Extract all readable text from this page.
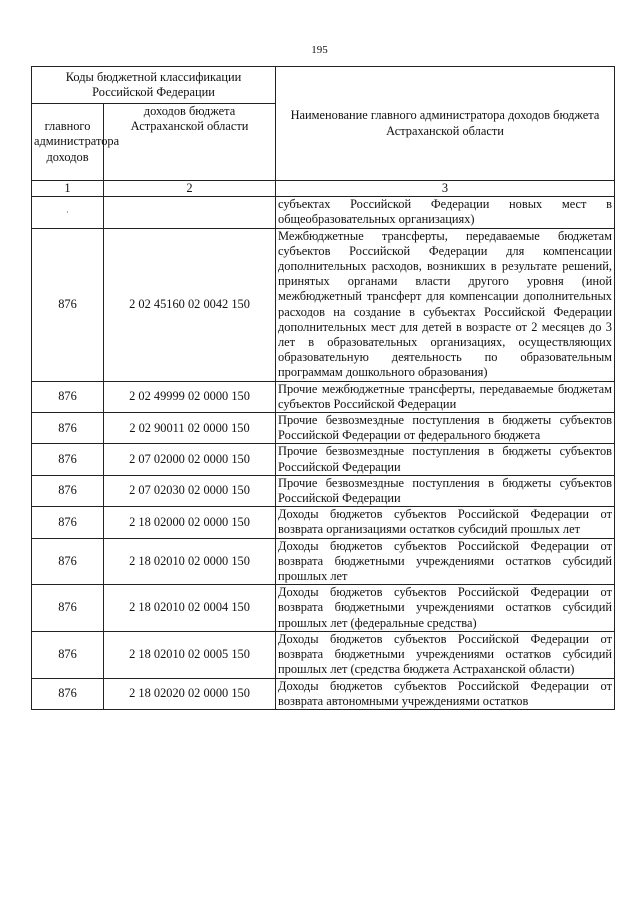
195
Коды бюджетной классификации Российской Федерации		Наименование главного администратора доходов бюджета Астраханской области
главного администратора доходов	доходов бюджета Астраханской области	
1	2	3
·		субъектах Российской Федерации новых мест в общеобразовательных организациях)
876	2 02 45160 02 0042 150	Межбюджетные трансферты, передаваемые бюджетам субъектов Российской Федерации для компенсации дополнительных расходов, возникших в результате решений, принятых органами власти другого уровня (иной межбюджетный трансферт для компенсации дополнительных расходов на создание в субъектах Российской Федерации дополнительных мест для детей в возрасте от 2 месяцев до 3 лет в образовательных организациях, осуществляющих образовательную деятельность по образовательным программам дошкольного образования)
876	2 02 49999 02 0000 150	Прочие межбюджетные трансферты, передаваемые бюджетам субъектов Российской Федерации
876	2 02 90011 02 0000 150	Прочие безвозмездные поступления в бюджеты субъектов Российской Федерации от федерального бюджета
876	2 07 02000 02 0000 150	Прочие безвозмездные поступления в бюджеты субъектов Российской Федерации
876	2 07 02030 02 0000 150	Прочие безвозмездные поступления в бюджеты субъектов Российской Федерации
876	2 18 02000 02 0000 150	Доходы бюджетов субъектов Российской Федерации от возврата организациями остатков субсидий прошлых лет
876	2 18 02010 02 0000 150	Доходы бюджетов субъектов Российской Федерации от возврата бюджетными учреждениями остатков субсидий прошлых лет
876	2 18 02010 02 0004 150	Доходы бюджетов субъектов Российской Федерации от возврата бюджетными учреждениями остатков субсидий прошлых лет (федеральные средства)
876	2 18 02010 02 0005 150	Доходы бюджетов субъектов Российской Федерации от возврата бюджетными учреждениями остатков субсидий прошлых лет (средства бюджета Астраханской области)
876	2 18 02020 02 0000 150	Доходы бюджетов субъектов Российской Федерации от возврата автономными учреждениями остатков
